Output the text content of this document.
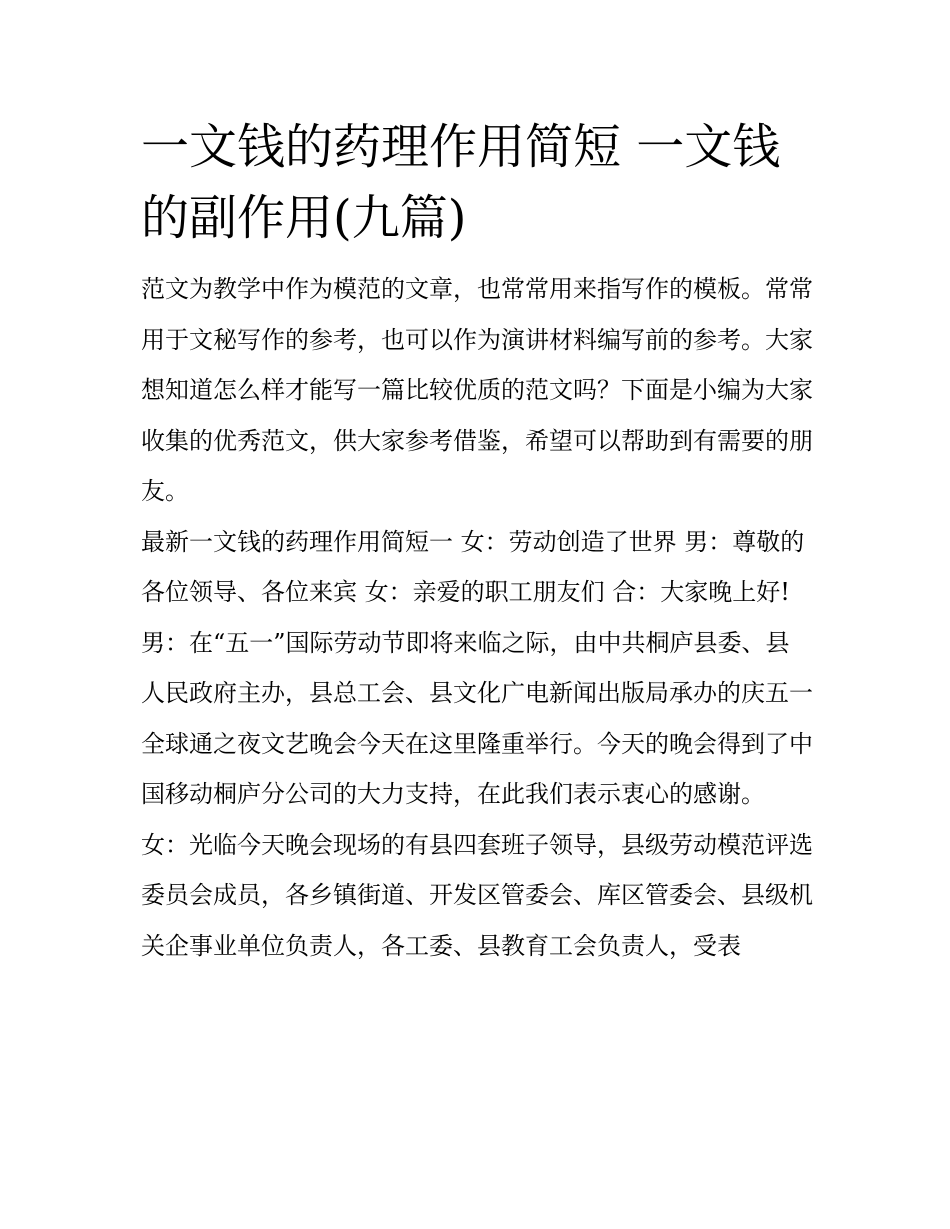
一文钱的药理作用简短 一文钱的副作用(九篇)

范文为教学中作为模范的文章，也常常用来指写作的模板。常常用于文秘写作的参考，也可以作为演讲材料编写前的参考。大家想知道怎么样才能写一篇比较优质的范文吗？下面是小编为大家收集的优秀范文，供大家参考借鉴，希望可以帮助到有需要的朋友。

最新一文钱的药理作用简短一 女：劳动创造了世界 男：尊敬的各位领导、各位来宾 女：亲爱的职工朋友们 合：大家晚上好!

男：在“五一”国际劳动节即将来临之际，由中共桐庐县委、县人民政府主办，县总工会、县文化广电新闻出版局承办的庆五一全球通之夜文艺晚会今天在这里隆重举行。今天的晚会得到了中国移动桐庐分公司的大力支持，在此我们表示衷心的感谢。

女：光临今天晚会现场的有县四套班子领导，县级劳动模范评选委员会成员，各乡镇街道、开发区管委会、库区管委会、县级机关企事业单位负责人，各工委、县教育工会负责人，受表
